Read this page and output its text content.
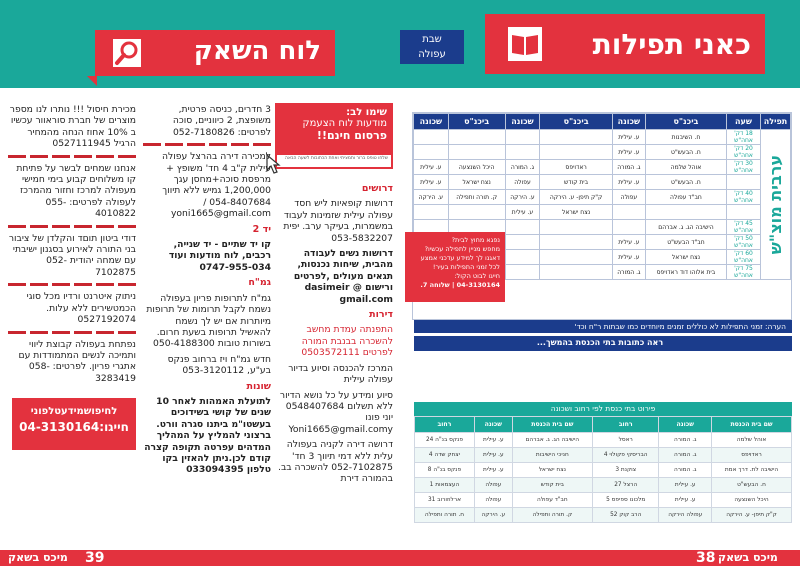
לוח השאק
שימו לב:
מודעות לוח הצעמק
פרסום חינם!!
שלחו טופס ברור ותמציתי ואחת הכתובות לשעה הבאה
3 חדרים, כניסה פרטית, משופצת, 2 כיווניים, סוכה לפרטים: 052-7180826
למכירה דירה בהרצל עפולה עילית ק"ב 4 חד' משופץ + מרפסת סוכה+מחסן עגך 1,200,000 גמיש ללא תיווך 054-8407684 / yoni1665@gmail.com
יד 2
קו יד שתיים - יד שנייה, רכבים, לוח מודעות ועוד 0747-955-034
גמ"ח
גמ"ח לתרופות פריון בעפולה נשמח לקבל תרומות של תרופות מיותרות אם יש לך נשמח להאשיל תרופות בשעת חרום. בשורות טובות 050-4188300
חדש גמ"ח ויז ברחוב פנקס בע"ע, 053-3120112
שונות
לתועלת האמהות לאחר 10 שנים של קושי בשידוכים בעשטו"מ ביתנו סגרה וורט. ברצוני להמליץ על המהליך המדהים עפרטה תקופה קצרה קודם לכן.ניתן להאזין בקו טלפון 033094395
דרושים
דרושות קופאיות ליש חסד עפולה עילית שזמינות לעבוד במשמרות, בעיקר ערב. יפית 053-5832207
דרושות נשים לעבודה מהבית, שיחות נכנסות, תגאים מעולים ,לפרטים ורישום @ dasimeir gmail.com
דירות
התפנתה עמדת מחשב להשכרה בבנבת המורה לפרטים 0503572111
המרכז להכנסה וסיוע בדיור עפולה עילית
סיוע ומידע על כל נושא הדיור ללא תשלום 0548407684 יוני פונו Yoni1665@gmail.comy
דרושה דירה לקניה בעפולה עלית ללא דמי תיווך 3 חד' 052-7102875 להשכרה בב. בהמורה דירת
מכירת חיסול !!! נותרו לנו מספר מוצרים של חברת סוראוור עכשיו ב 10% אחוז הנחה מהמחיר הרגיל 0527111945
אנחנו שמחים לבשר על פתיחת קו משלוחים קבוע בימי חמישי מעפולה למרכז וחזור מהמרכז לעפולה לפרטים: 055-4010822
דודי ביטון תוםד והקלדן של ציבור בני התורה לאירוע בסגנון ישיבתי עם שמחה יהודית 052-7102875
ניתוק איטרנט ורדיו מכל סוגי הכמטשירים ללא עלות. 0527192074
נפתחת בעפולה קבוצת ליווי ותמיכה לנשים המתמודדות עם אתגרי פריון. לפרטים: 058-3283419
לחיפושמידעטלפוני
חייגו:04-3130164
מיכס בשאק 39
כאני תפילות
שבת
עפולה
תפילה	שעה	ביכנ"ס	שכונה	ביכנ"ס	שכונה	ביכנ"ס	שכונה

ערבית מוצ"ש	18 דק' אחה"ש	ח. השיבנות	ע. עילית				
	20 דק' אחה"ש	ח. הבעש"ט	ע. עילית				
	30 דק' אחה"ש	אוהל שלמה	ג. המורה	ראדויפס	ג. המורה	היכל השנצעה	ע. עילית
		ח. הבעש"ט	ע. עילית	בית קודש	עפולה	נצח ישראל	ע. עילית
	40 דק' אחה"ש	חב"ד עפולה	עפולה	ק"ק תיפן- ע. הירקה	ע. הירקה	ק. תורה ותפילה	ע. הירקה
				נצח ישראל	ע. עילית		
	45 דק' אחה"ש	הישיבה הג. ג. אברהם					
	50 דק' אחה"ש	חב"ד הבעש"ט	ע. עילית				
	60 דק' אחה"ש	נצח ישראל	ע. עילית				
	75 דק' אחה"ש	בית אלוהו דוד ראדויפס	ג. המורה				
נפגא מחוץ לבית?
מחפש מניין לתפילה עכשיו?
דאגנו לך למידע עדכני אמצע
לכל זמני התפילות בעיר!
חייגו לבוט הקול:
04-3130164 | שלוחה 7.
הערה: זמני התפילות לא כוללים זמנים מיוחדים כמו שבתות ר"ח וכד'
ראה כתובות בתי הכנסת בהמשך...
פירוט בתי כנסת לפי רחוב ושכונה
שם בית הכנסת	שכונה	רחוב	שם בית הכנסת	שכונה	רחוב
אוהל שלמה	ג. המורה	ראסל	הישיבה הג. ג. אברהם	ע. עילית	פנקס בנ"ה 24
ראדויפס	ג. המורה	הבריסקי פקולוי 4	חניכי הישיבות	ע. עילית	יצחק שדה 4
הישיבה לת. דרך אמת	ג. המורה	צוקנת 3	נצח ישראל	ע. עילית	פנקס בנ"ה 8
ח. הבעש"ט	ע. עילית	הרצל 27	בית קודש	עפולה	העצמאות 1
היכל השנצעה	ע. עילית	מלכונו ספיפס 5	חב"ד עפולה	עפולה	ארלוזורוב 31
ק"ק תיפן- ע. הירקה	עפולה הירקה	הרב קוק 52	ק. תורה ותפילה	ע. הירקה	ח. תורה ותפילה
38 מיכס בשאק
